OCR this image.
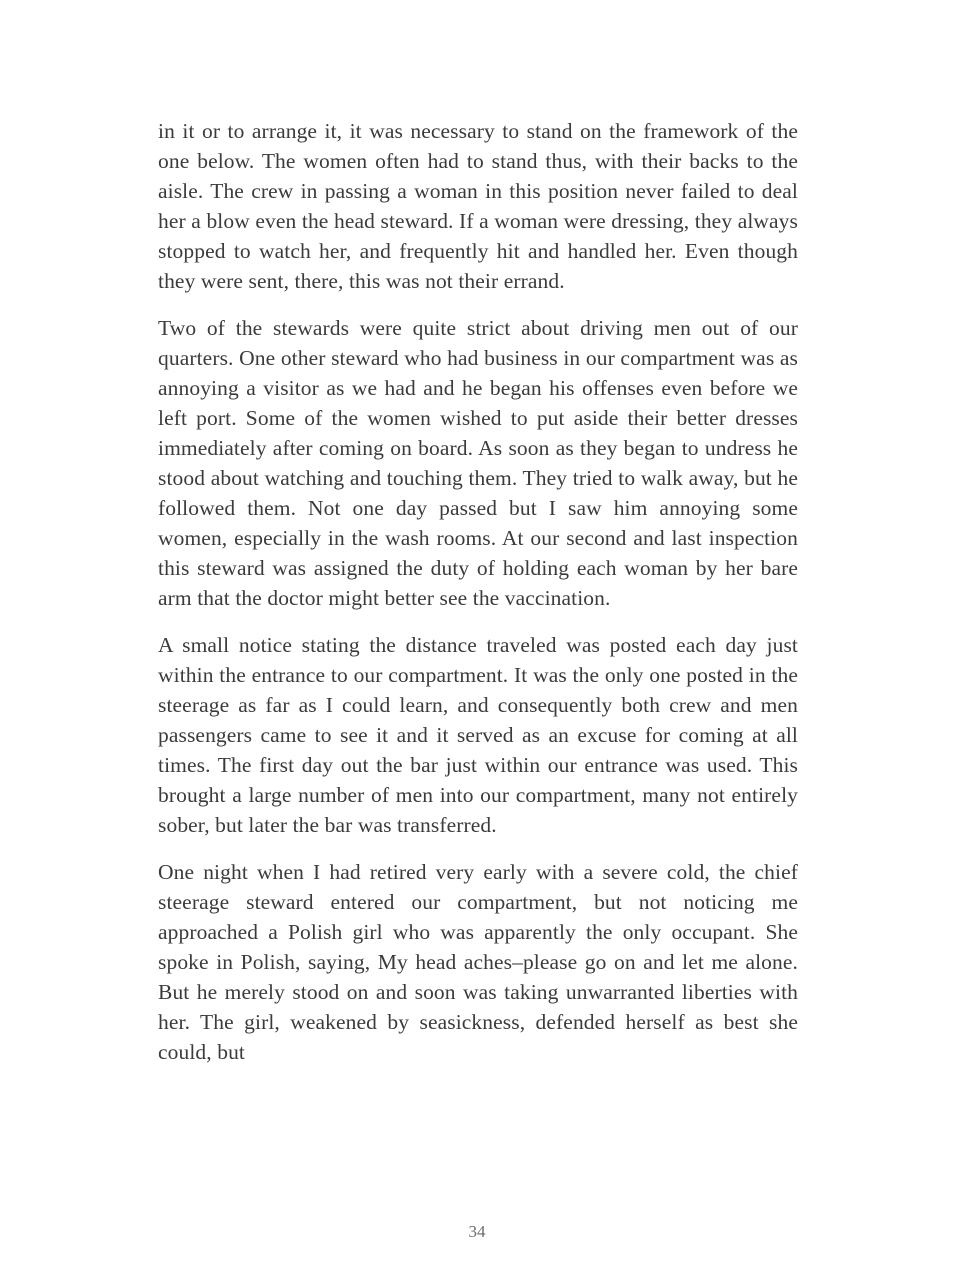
in it or to arrange it, it was necessary to stand on the framework of the one below. The women often had to stand thus, with their backs to the aisle. The crew in passing a woman in this position never failed to deal her a blow even the head steward. If a woman were dressing, they always stopped to watch her, and frequently hit and handled her. Even though they were sent, there, this was not their errand.

Two of the stewards were quite strict about driving men out of our quarters. One other steward who had business in our compartment was as annoying a visitor as we had and he began his offenses even before we left port. Some of the women wished to put aside their better dresses immediately after coming on board. As soon as they began to undress he stood about watching and touching them. They tried to walk away, but he followed them. Not one day passed but I saw him annoying some women, especially in the wash rooms. At our second and last inspection this steward was assigned the duty of holding each woman by her bare arm that the doctor might better see the vaccination.

A small notice stating the distance traveled was posted each day just within the entrance to our compartment. It was the only one posted in the steerage as far as I could learn, and consequently both crew and men passengers came to see it and it served as an excuse for coming at all times. The first day out the bar just within our entrance was used. This brought a large number of men into our compartment, many not entirely sober, but later the bar was transferred.

One night when I had retired very early with a severe cold, the chief steerage steward entered our compartment, but not noticing me approached a Polish girl who was apparently the only occupant. She spoke in Polish, saying, My head aches–please go on and let me alone. But he merely stood on and soon was taking unwarranted liberties with her. The girl, weakened by seasickness, defended herself as best she could, but

34
